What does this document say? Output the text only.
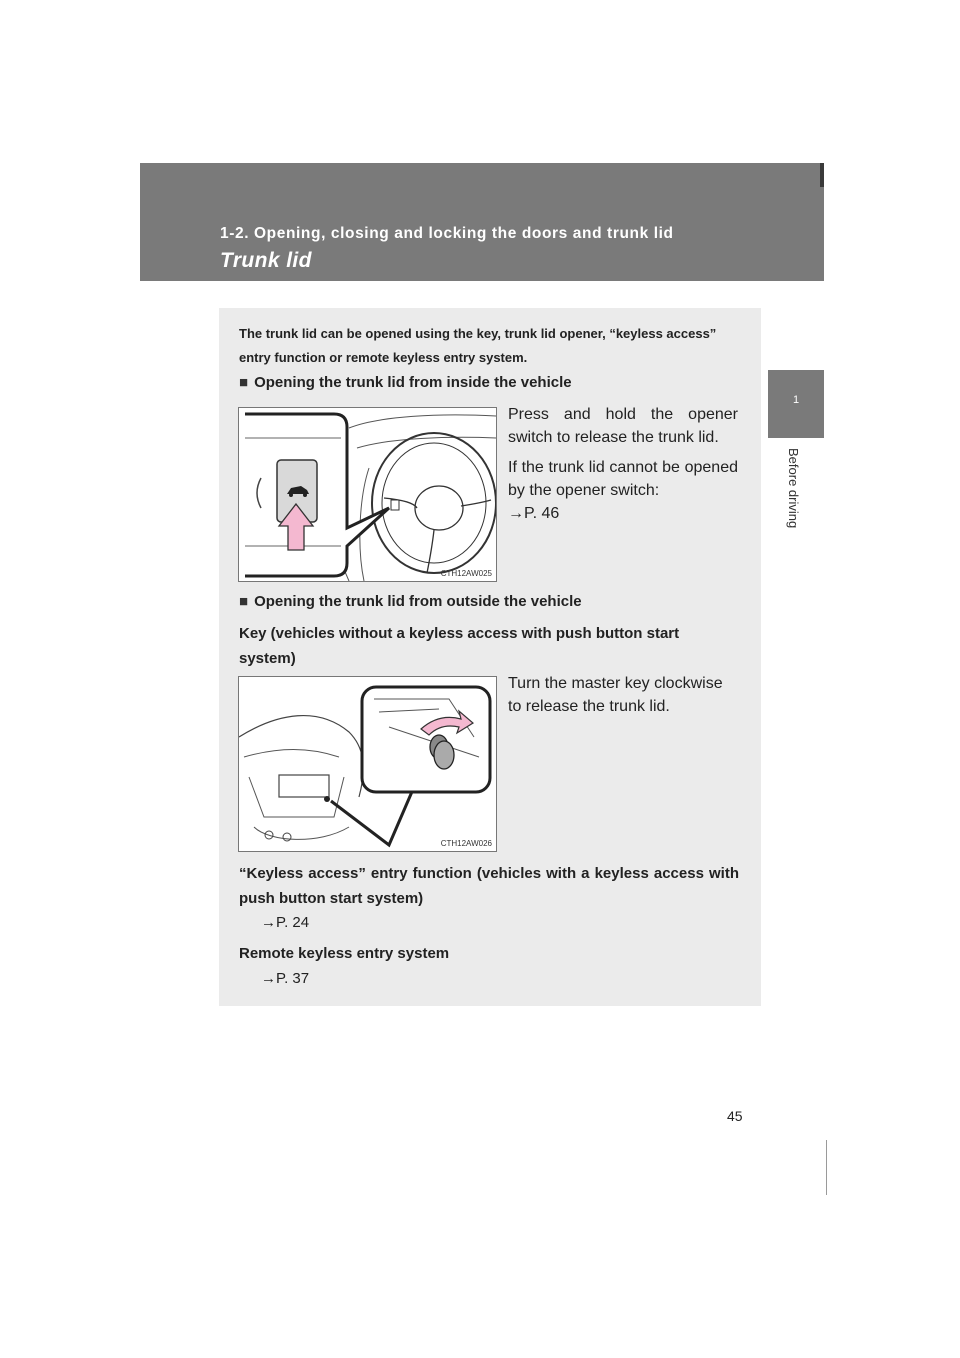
1-2. Opening, closing and locking the doors and trunk lid
Trunk lid
1
Before driving
45
The trunk lid can be opened using the key, trunk lid opener, “keyless access” entry function or remote keyless entry system.
■ Opening the trunk lid from inside the vehicle
CTH12AW025
Press and hold the opener switch to release the trunk lid.
If the trunk lid cannot be opened by the opener switch:
→P. 46
■ Opening the trunk lid from outside the vehicle
Key (vehicles without a keyless access with push button start system)
CTH12AW026
Turn the master key clockwise to release the trunk lid.
“Keyless access” entry function (vehicles with a keyless access with push button start system)
→P. 24
Remote keyless entry system
→P. 37
